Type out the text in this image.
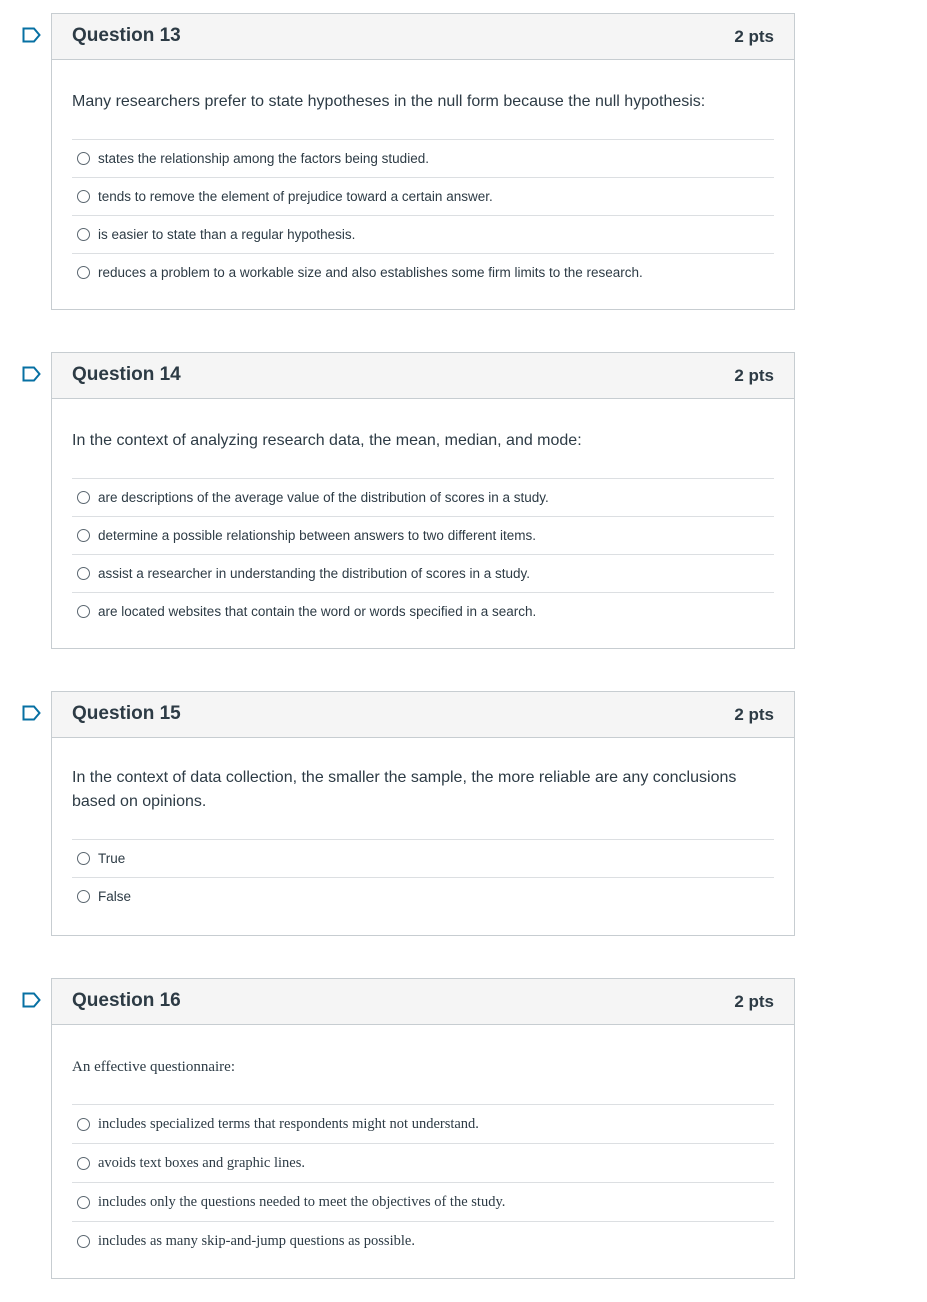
Question 13	2 pts
Many researchers prefer to state hypotheses in the null form because the null hypothesis:
states the relationship among the factors being studied.
tends to remove the element of prejudice toward a certain answer.
is easier to state than a regular hypothesis.
reduces a problem to a workable size and also establishes some firm limits to the research.
Question 14	2 pts
In the context of analyzing research data, the mean, median, and mode:
are descriptions of the average value of the distribution of scores in a study.
determine a possible relationship between answers to two different items.
assist a researcher in understanding the distribution of scores in a study.
are located websites that contain the word or words specified in a search.
Question 15	2 pts
In the context of data collection, the smaller the sample, the more reliable are any conclusions based on opinions.
True
False
Question 16	2 pts
An effective questionnaire:
includes specialized terms that respondents might not understand.
avoids text boxes and graphic lines.
includes only the questions needed to meet the objectives of the study.
includes as many skip-and-jump questions as possible.
